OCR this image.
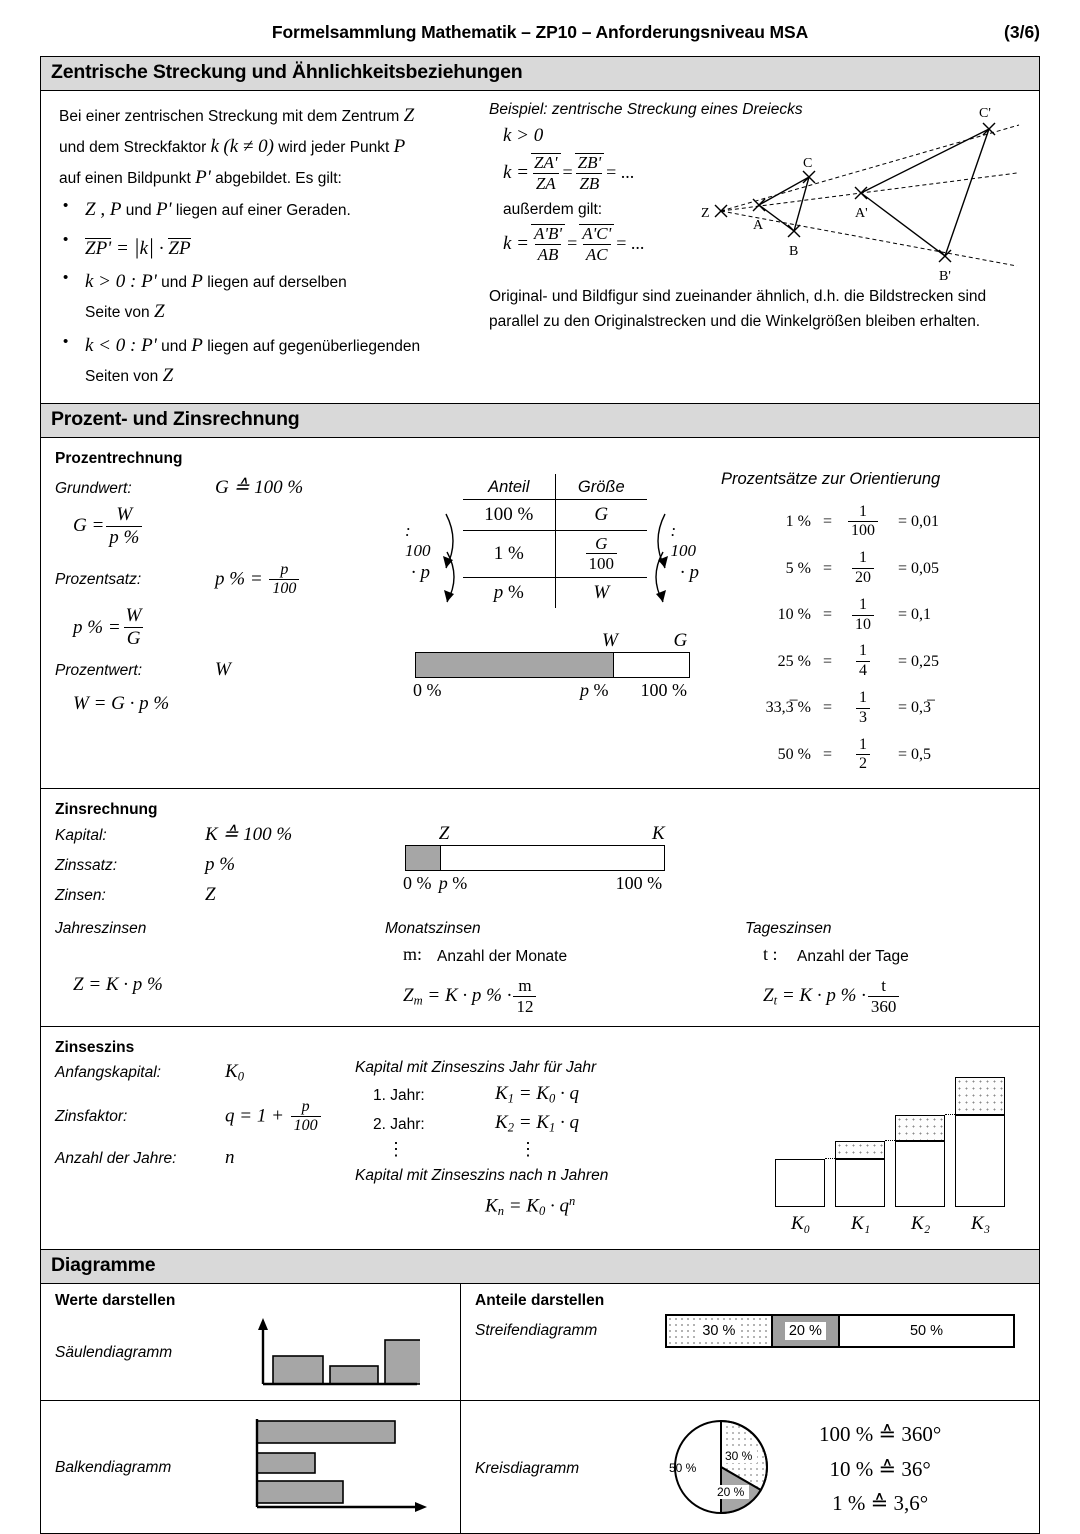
Formelsammlung Mathematik – ZP10 – Anforderungsniveau MSA	(3/6)
Zentrische Streckung und Ähnlichkeitsbeziehungen
Bei einer zentrischen Streckung mit dem Zentrum Z
und dem Streckfaktor k (k ≠ 0) wird jeder Punkt P
auf einen Bildpunkt P' abgebildet. Es gilt:
• Z , P und P' liegen auf einer Geraden.
• ZP' = |k| · ZP
• k > 0 : P' und P liegen auf derselben
Seite von Z
• k < 0 : P' und P liegen auf gegenüberliegenden
Seiten von Z
Beispiel: zentrische Streckung eines Dreiecks
k > 0
$k = \frac{ZA'}{ZA} = \frac{ZB'}{ZB}$ = ...
außerdem gilt:
$k = \frac{A'B'}{AB} = \frac{A'C'}{AC}$ = ...
Z
A
B
C
A'
B'
C'
Original- und Bildfigur sind zueinander ähnlich, d.h. die Bildstrecken sind parallel zu den Originalstrecken und die Winkelgrößen bleiben erhalten.
Prozent- und Zinsrechnung
Prozentrechnung
Grundwert:	G ≙ 100 %
$G = \frac{W}{p \%}$
Prozentsatz:	p % = $\frac{p}{100}$
p % = $\frac{W}{G}$
Prozentwert:	W
W = G · p %
: 100
Anteil	Größe
100 %	G
1 %	$\frac{G}{100}$

p %	W
: 100
· p	· p
W	G
0 %	p % 100 %
Prozentsätze zur Orientierung
1 %	=	$\frac{1}{100}$	= 0,01
5 %	=	$\frac{1}{20}$	= 0,05
10 %	=	$\frac{1}{10}$	= 0,1
25 %	=	$\frac{1}{4}$	= 0,25
33,3̅ %	=	$\frac{1}{3}$	= 0,3̅
50 %	=	$\frac{1}{2}$	= 0,5
Zinsrechnung
Kapital:	K ≙ 100 %
Zinssatz:	p %
Zinsen:	Z
Z	K
0 % p %	100 %
Jahreszinsen
Z = K · p %
Monatszinsen
m: Anzahl der Monate
$Z_m = K \cdot p$ % · $\frac{m}{12}$
Tageszinsen
t :	Anzahl der Tage
$Z_t = K \cdot p$ % · $\frac{t}{360}$
Zinseszins
Anfangskapital:	$K_0$
Zinsfaktor:	$q = 1 + \frac{p}{100}$
Anzahl der Jahre:	n
Kapital mit Zinseszins Jahr für Jahr
1. Jahr:	$K_1 = K_0 \cdot q$
2. Jahr:	$K_2 = K_1 \cdot q$
⋮	⋮
Kapital mit Zinseszins nach n Jahren
$K_n = K_0 \cdot q^n$
K₀ K₁ K₂ K₃
Diagramme
Werte darstellen
Säulendiagramm
Anteile darstellen
Streifendiagramm	30 %	20 %	50 %
Balkendiagramm	Kreisdiagramm	50 %
30 %
20 %
100 % ≙ 360°
10 % ≙ 36°
1 % ≙ 3,6°
